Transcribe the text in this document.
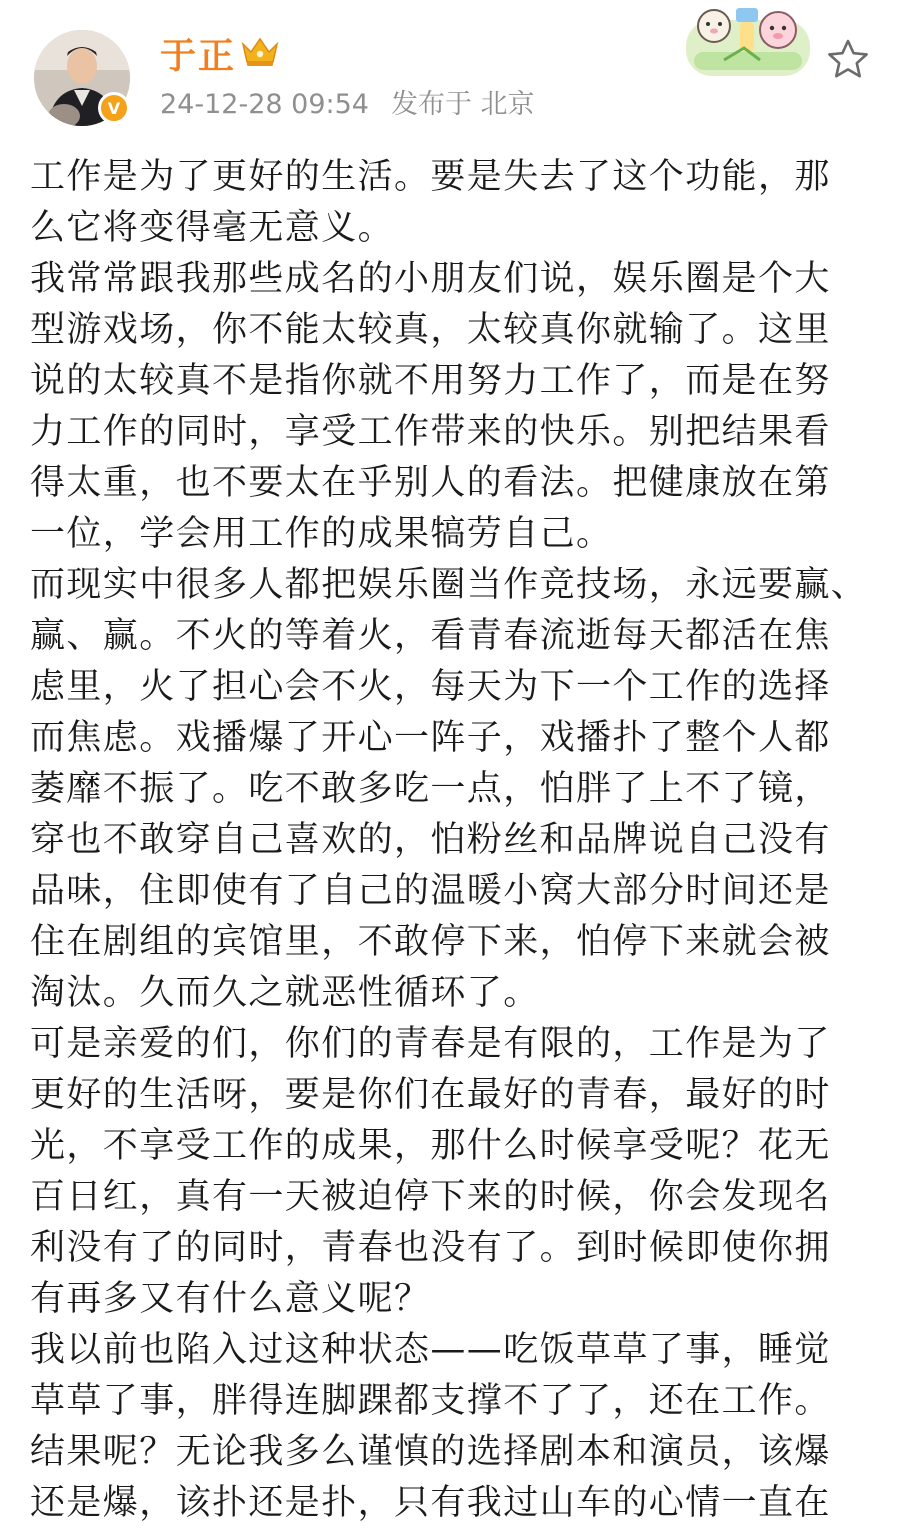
V
于正
24-12-28 09:54 发布于 北京

工作是为了更好的生活。要是失去了这个功能，那
么它将变得毫无意义。

我常常跟我那些成名的小朋友们说，娱乐圈是个大
型游戏场，你不能太较真，太较真你就输了。这里
说的太较真不是指你就不用努力工作了，而是在努
力工作的同时，享受工作带来的快乐。别把结果看
得太重，也不要太在乎别人的看法。把健康放在第
一位，学会用工作的成果犒劳自己。

而现实中很多人都把娱乐圈当作竞技场，永远要赢、
赢、赢。不火的等着火，看青春流逝每天都活在焦
虑里，火了担心会不火，每天为下一个工作的选择
而焦虑。戏播爆了开心一阵子，戏播扑了整个人都
萎靡不振了。吃不敢多吃一点，怕胖了上不了镜，
穿也不敢穿自己喜欢的，怕粉丝和品牌说自己没有
品味，住即使有了自己的温暖小窝大部分时间还是
住在剧组的宾馆里，不敢停下来，怕停下来就会被
淘汰。久而久之就恶性循环了。

可是亲爱的们，你们的青春是有限的，工作是为了
更好的生活呀，要是你们在最好的青春，最好的时
光，不享受工作的成果，那什么时候享受呢？花无
百日红，真有一天被迫停下来的时候，你会发现名
利没有了的同时，青春也没有了。到时候即使你拥
有再多又有什么意义呢？

我以前也陷入过这种状态——吃饭草草了事，睡觉
草草了事，胖得连脚踝都支撑不了了，还在工作。
结果呢？无论我多么谨慎的选择剧本和演员，该爆
还是爆，该扑还是扑，只有我过山车的心情一直在
